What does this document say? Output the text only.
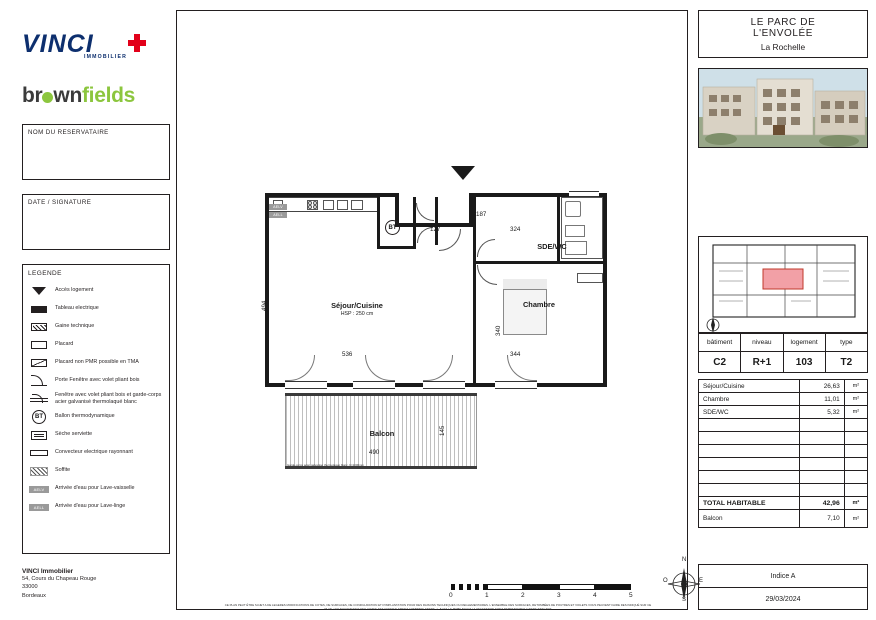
VINCI
IMMOBILIER
br wnfields
NOM DU RESERVATAIRE
DATE / SIGNATURE
LEGENDE
Accès logement
Tableau electrique
Gaine technique
Placard
Placard non PMR possible en TMA
Porte Fenêtre avec volet pliant bois
Fenêtre avec volet pliant bois et garde-corps acier galvanisé thermolaqué blanc
BT	Ballon thermodynamique
Sèche serviette
Convecteur electrique rayonnant
Soffite
AELV	Arrivée d'eau pour Lave-vaisselle
AELL	Arrivée d'eau pour Lave-linge
VINCI Immobilier
54, Cours du Chapeau Rouge
33000
Bordeaux
AELV
AELL
BT
Séjour/Cuisine
HSP : 250 cm
SDE/WC
Chambre
Balcon
494
536	344
324
127
187
340
490
145
Garde-corps acier galvanisé thermolaqué blanc. h=1000mm
0	1	2	3	4	5
N
S
E
O
CE PLAN PEUT ÊTRE SUJET A DE LEGERES MODIFICATIONS DE COTES, DE SURFACES, DE CONFIGURATION ET D'IMPLANTATION POUR DES RAISONS TECHNIQUES OU REGLEMENTAIRES. L'ENSEMBLE DES SURFACES, RETOMBÉES DE POUTRES ET VOILETS VOUS PEUVENT FAIRE DES INDIQUÉ SUR CE PLAN. LES TOLERANCES DES COTES EST GENERALEMENT COMPRISE ENTRE +/- 5 CM. LE MOBILIER ET LA VEGETATION SONT REPRESENTES A TITRE INDICATIF
LE PARC DE
L'ENVOLÉE
La Rochelle
bâtiment	niveau	logement	type
C2	R+1	103	T2
Séjour/Cuisine	26,63	m²
Chambre	11,01	m²
SDE/WC	5,32	m²

TOTAL HABITABLE	42,96	m²
Balcon	7,10	m²
Indice A
29/03/2024
